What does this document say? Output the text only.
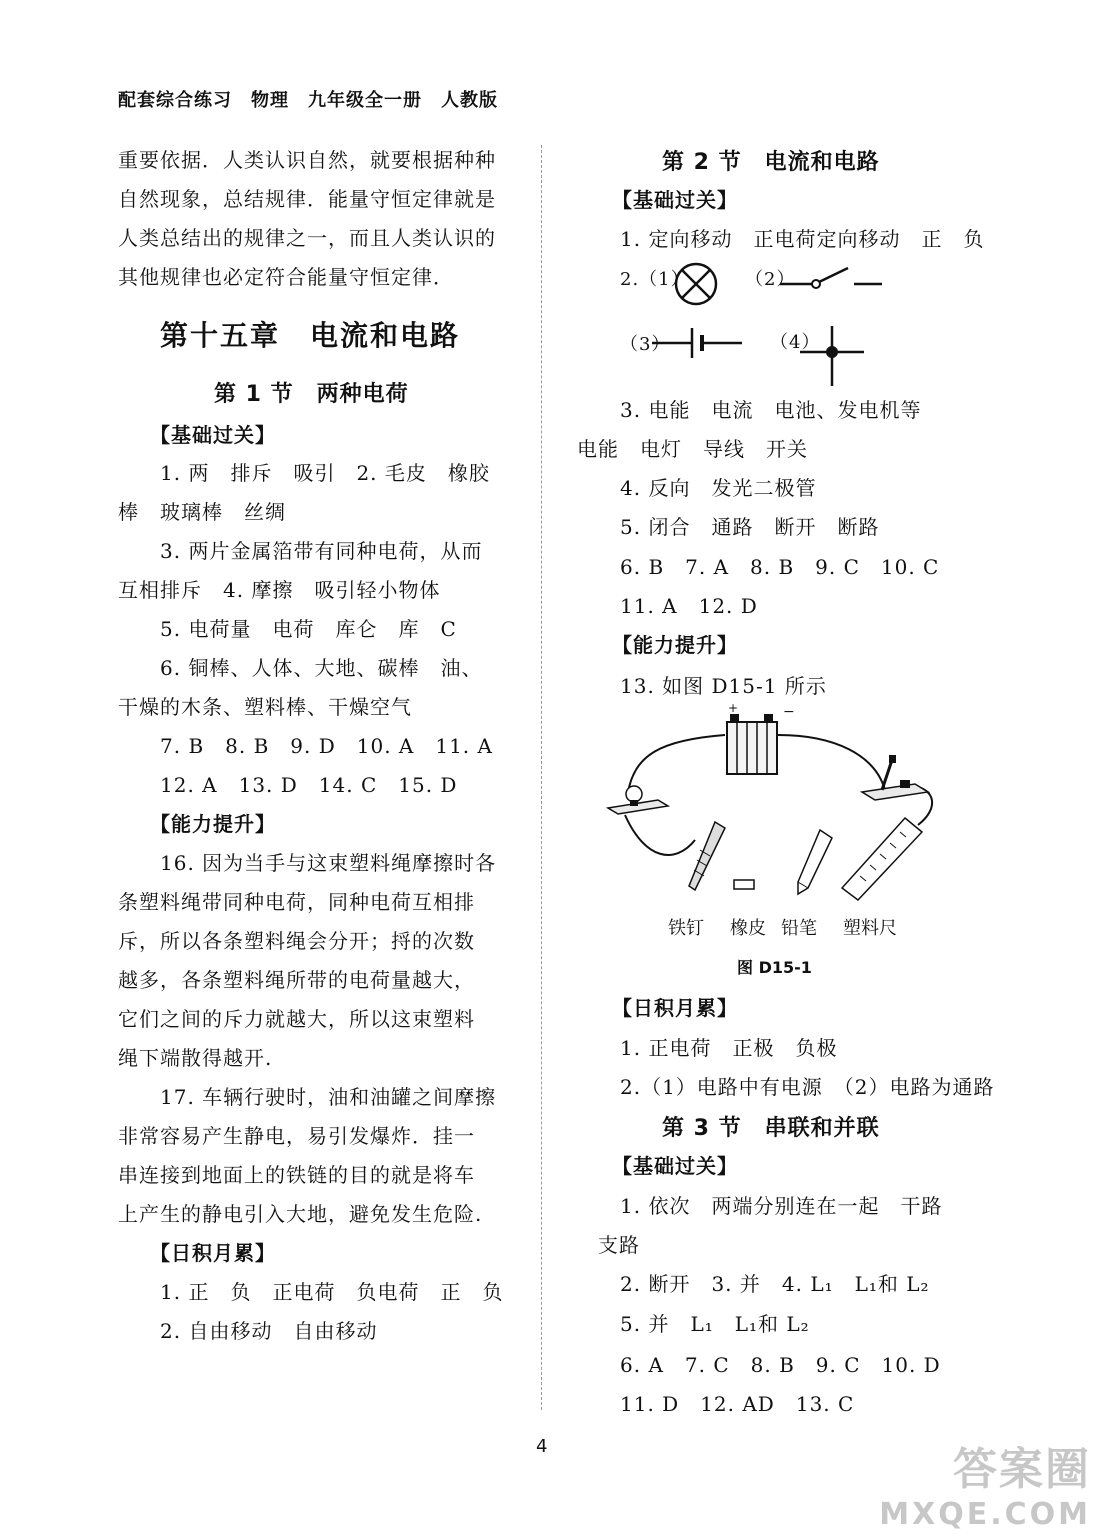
配套综合练习　物理　九年级全一册　人教版
重要依据．人类认识自然，就要根据种种
自然现象，总结规律．能量守恒定律就是
人类总结出的规律之一，而且人类认识的
其他规律也必定符合能量守恒定律．
第十五章　电流和电路
第 1 节　两种电荷
【基础过关】
1. 两　排斥　吸引　2. 毛皮　橡胶
棒　玻璃棒　丝绸
3. 两片金属箔带有同种电荷，从而
互相排斥　4. 摩擦　吸引轻小物体
5. 电荷量　电荷　库仑　库　C
6. 铜棒、人体、大地、碳棒　油、
干燥的木条、塑料棒、干燥空气
7. B　8. B　9. D　10. A　11. A
12. A　13. D　14. C　15. D
【能力提升】
16. 因为当手与这束塑料绳摩擦时各
条塑料绳带同种电荷，同种电荷互相排
斥，所以各条塑料绳会分开；捋的次数
越多，各条塑料绳所带的电荷量越大，
它们之间的斥力就越大，所以这束塑料
绳下端散得越开.
17. 车辆行驶时，油和油罐之间摩擦
非常容易产生静电，易引发爆炸．挂一
串连接到地面上的铁链的目的就是将车
上产生的静电引入大地，避免发生危险.
【日积月累】
1. 正　负　正电荷　负电荷　正　负
2. 自由移动　自由移动
第 2 节　电流和电路
【基础过关】
1. 定向移动　正电荷定向移动　正　负
2.（1）	（2）
（3）	（4）
3. 电能　电流　电池、发电机等
电能　电灯　导线　开关
4. 反向　发光二极管
5. 闭合　通路　断开　断路
6. B　7. A　8. B　9. C　10. C
11. A　12. D
【能力提升】
13. 如图 D15-1 所示
+	−
铁钉 橡皮 铅笔 塑料尺
图 D15-1
【日积月累】
1. 正电荷　正极　负极
2.（1）电路中有电源　（2）电路为通路
第 3 节　串联和并联
【基础过关】
1. 依次　两端分别连在一起　干路
支路
2. 断开　3. 并　4. L₁　L₁和 L₂
5. 并　L₁　L₁和 L₂
6. A　7. C　8. B　9. C　10. D
11. D　12. AD　13. C
4	答案圈
MXQE.COM
